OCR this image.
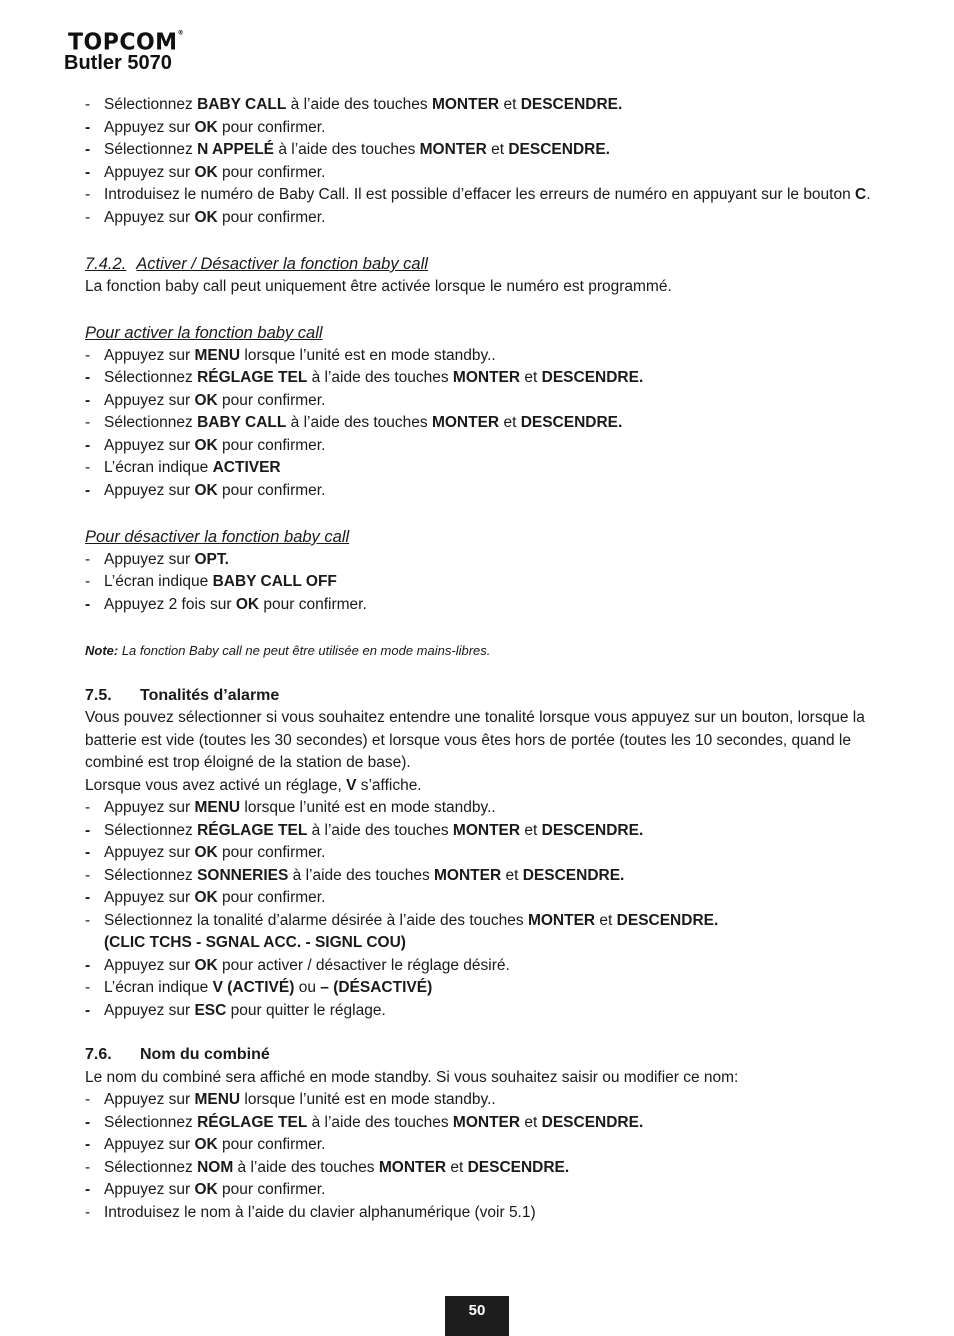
TOPCOM®
Butler 5070
- Sélectionnez BABY CALL à l’aide des touches MONTER et DESCENDRE.
- Appuyez sur OK pour confirmer.
- Sélectionnez N APPELÉ à l’aide des touches MONTER et DESCENDRE.
- Appuyez sur OK pour confirmer.
- Introduisez le numéro de Baby Call. Il est possible d’effacer les erreurs de numéro en appuyant sur le bouton C.
- Appuyez sur OK pour confirmer.
7.4.2. Activer / Désactiver la fonction baby call

La fonction baby call peut uniquement être activée lorsque le numéro est programmé.

Pour activer la fonction baby call
- Appuyez sur MENU lorsque l’unité est en mode standby..
- Sélectionnez RÉGLAGE TEL à l’aide des touches MONTER et DESCENDRE.
- Appuyez sur OK pour confirmer.
- Sélectionnez BABY CALL à l’aide des touches MONTER et DESCENDRE.
- Appuyez sur OK pour confirmer.
- L’écran indique ACTIVER
- Appuyez sur OK pour confirmer.
Pour désactiver la fonction baby call
- Appuyez sur OPT.
- L’écran indique BABY CALL OFF
- Appuyez 2 fois sur OK pour confirmer.
Note: La fonction Baby call ne peut être utilisée en mode mains-libres.
7.5. Tonalités d’alarme

Vous pouvez sélectionner si vous souhaitez entendre une tonalité lorsque vous appuyez sur un bouton, lorsque la batterie est vide (toutes les 30 secondes) et lorsque vous êtes hors de portée (toutes les 10 secondes, quand le combiné est trop éloigné de la station de base).

Lorsque vous avez activé un réglage, V s’affiche.

- Appuyez sur MENU lorsque l’unité est en mode standby..
- Sélectionnez RÉGLAGE TEL à l’aide des touches MONTER et DESCENDRE.
- Appuyez sur OK pour confirmer.
- Sélectionnez SONNERIES à l’aide des touches MONTER et DESCENDRE.
- Appuyez sur OK pour confirmer.
- Sélectionnez la tonalité d’alarme désirée à l’aide des touches MONTER et DESCENDRE.
(CLIC TCHS - SGNAL ACC. - SIGNL COU)
- Appuyez sur OK pour activer / désactiver le réglage désiré.
- L’écran indique V (ACTIVÉ) ou – (DÉSACTIVÉ)
- Appuyez sur ESC pour quitter le réglage.
7.6. Nom du combiné

Le nom du combiné sera affiché en mode standby. Si vous souhaitez saisir ou modifier ce nom:

- Appuyez sur MENU lorsque l’unité est en mode standby..
- Sélectionnez RÉGLAGE TEL à l’aide des touches MONTER et DESCENDRE.
- Appuyez sur OK pour confirmer.
- Sélectionnez NOM à l’aide des touches MONTER et DESCENDRE.
- Appuyez sur OK pour confirmer.
- Introduisez le nom à l’aide du clavier alphanumérique (voir 5.1)
50
